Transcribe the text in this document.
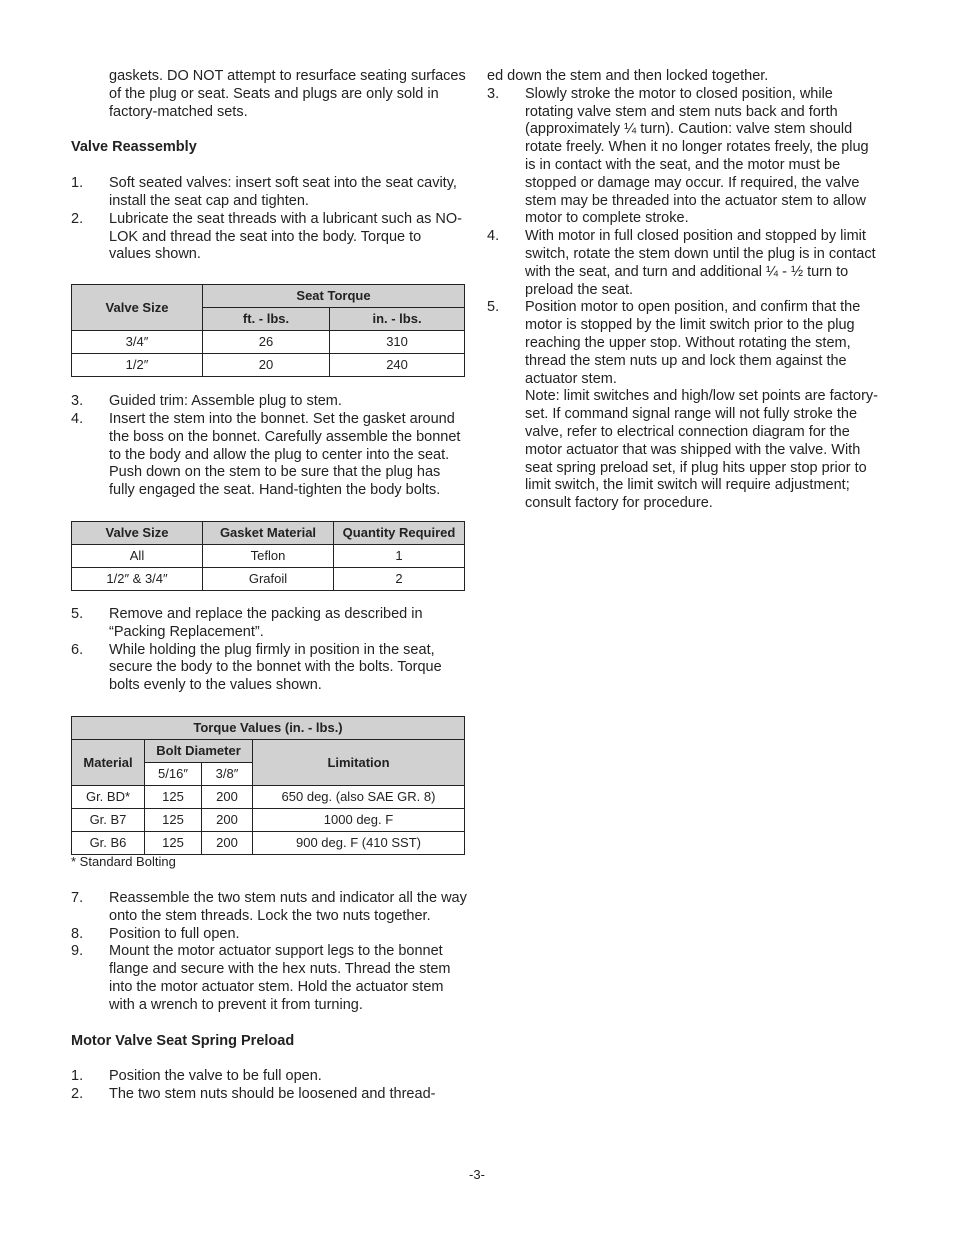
gaskets. DO NOT attempt to resurface seating surfaces of the plug or seat. Seats and plugs are only sold in factory-matched sets.

Valve Reassembly

1.	Soft seated valves: insert soft seat into the seat cavity, install the seat cap and tighten.
2.	Lubricate the seat threads with a lubricant such as NO-LOK and thread the seat into the body. Torque to values shown.
Valve Size	Seat Torque	
	ft. - lbs.	in. - lbs.
3/4″	26	310
1/2″	20	240
3.	Guided trim: Assemble plug to stem.
4.	Insert the stem into the bonnet. Set the gasket around the boss on the bonnet. Carefully assemble the bonnet to the body and allow the plug to center into the seat. Push down on the stem to be sure that the plug has fully engaged the seat. Hand-tighten the body bolts.
Valve Size	Gasket Material	Quantity Required
All	Teflon	1
1/2″ & 3/4″	Grafoil	2
5.	Remove and replace the packing as described in “Packing Replacement”.
6.	While holding the plug firmly in position in the seat, secure the body to the bonnet with the bolts. Torque bolts evenly to the values shown.
Torque Values (in. - lbs.)			
Material	Bolt Diameter		Limitation
	5/16″	3/8″	
Gr. BD*	125	200	650 deg. (also SAE GR. 8)
Gr. B7	125	200	1000 deg. F
Gr. B6	125	200	900 deg. F (410 SST)

* Standard Bolting

7.	Reassemble the two stem nuts and indicator all the way onto the stem threads. Lock the two nuts together.
8.	Position to full open.
9.	Mount the motor actuator support legs to the bonnet flange and secure with the hex nuts. Thread the stem into the motor actuator stem. Hold the actuator stem with a wrench to prevent it from turning.

Motor Valve Seat Spring Preload

1.	Position the valve to be full open.
2.	The two stem nuts should be loosened and thread-

ed down the stem and then locked together.

3.	Slowly stroke the motor to closed position, while rotating valve stem and stem nuts back and forth (approximately ¼ turn). Caution: valve stem should rotate freely. When it no longer rotates freely, the plug is in contact with the seat, and the motor must be stopped or damage may occur. If required, the valve stem may be threaded into the actuator stem to allow motor to complete stroke.
4.	With motor in full closed position and stopped by limit switch, rotate the stem down until the plug is in contact with the seat, and turn and additional ¼ - ½ turn to preload the seat.
5.	Position motor to open position, and confirm that the motor is stopped by the limit switch prior to the plug reaching the upper stop. Without rotating the stem, thread the stem nuts up and lock them against the actuator stem.

Note: limit switches and high/low set points are factory-set. If command signal range will not fully stroke the valve, refer to electrical connection diagram for the motor actuator that was shipped with the valve. With seat spring preload set, if plug hits upper stop prior to limit switch, the limit switch will require adjustment; consult factory for procedure.

-3-
